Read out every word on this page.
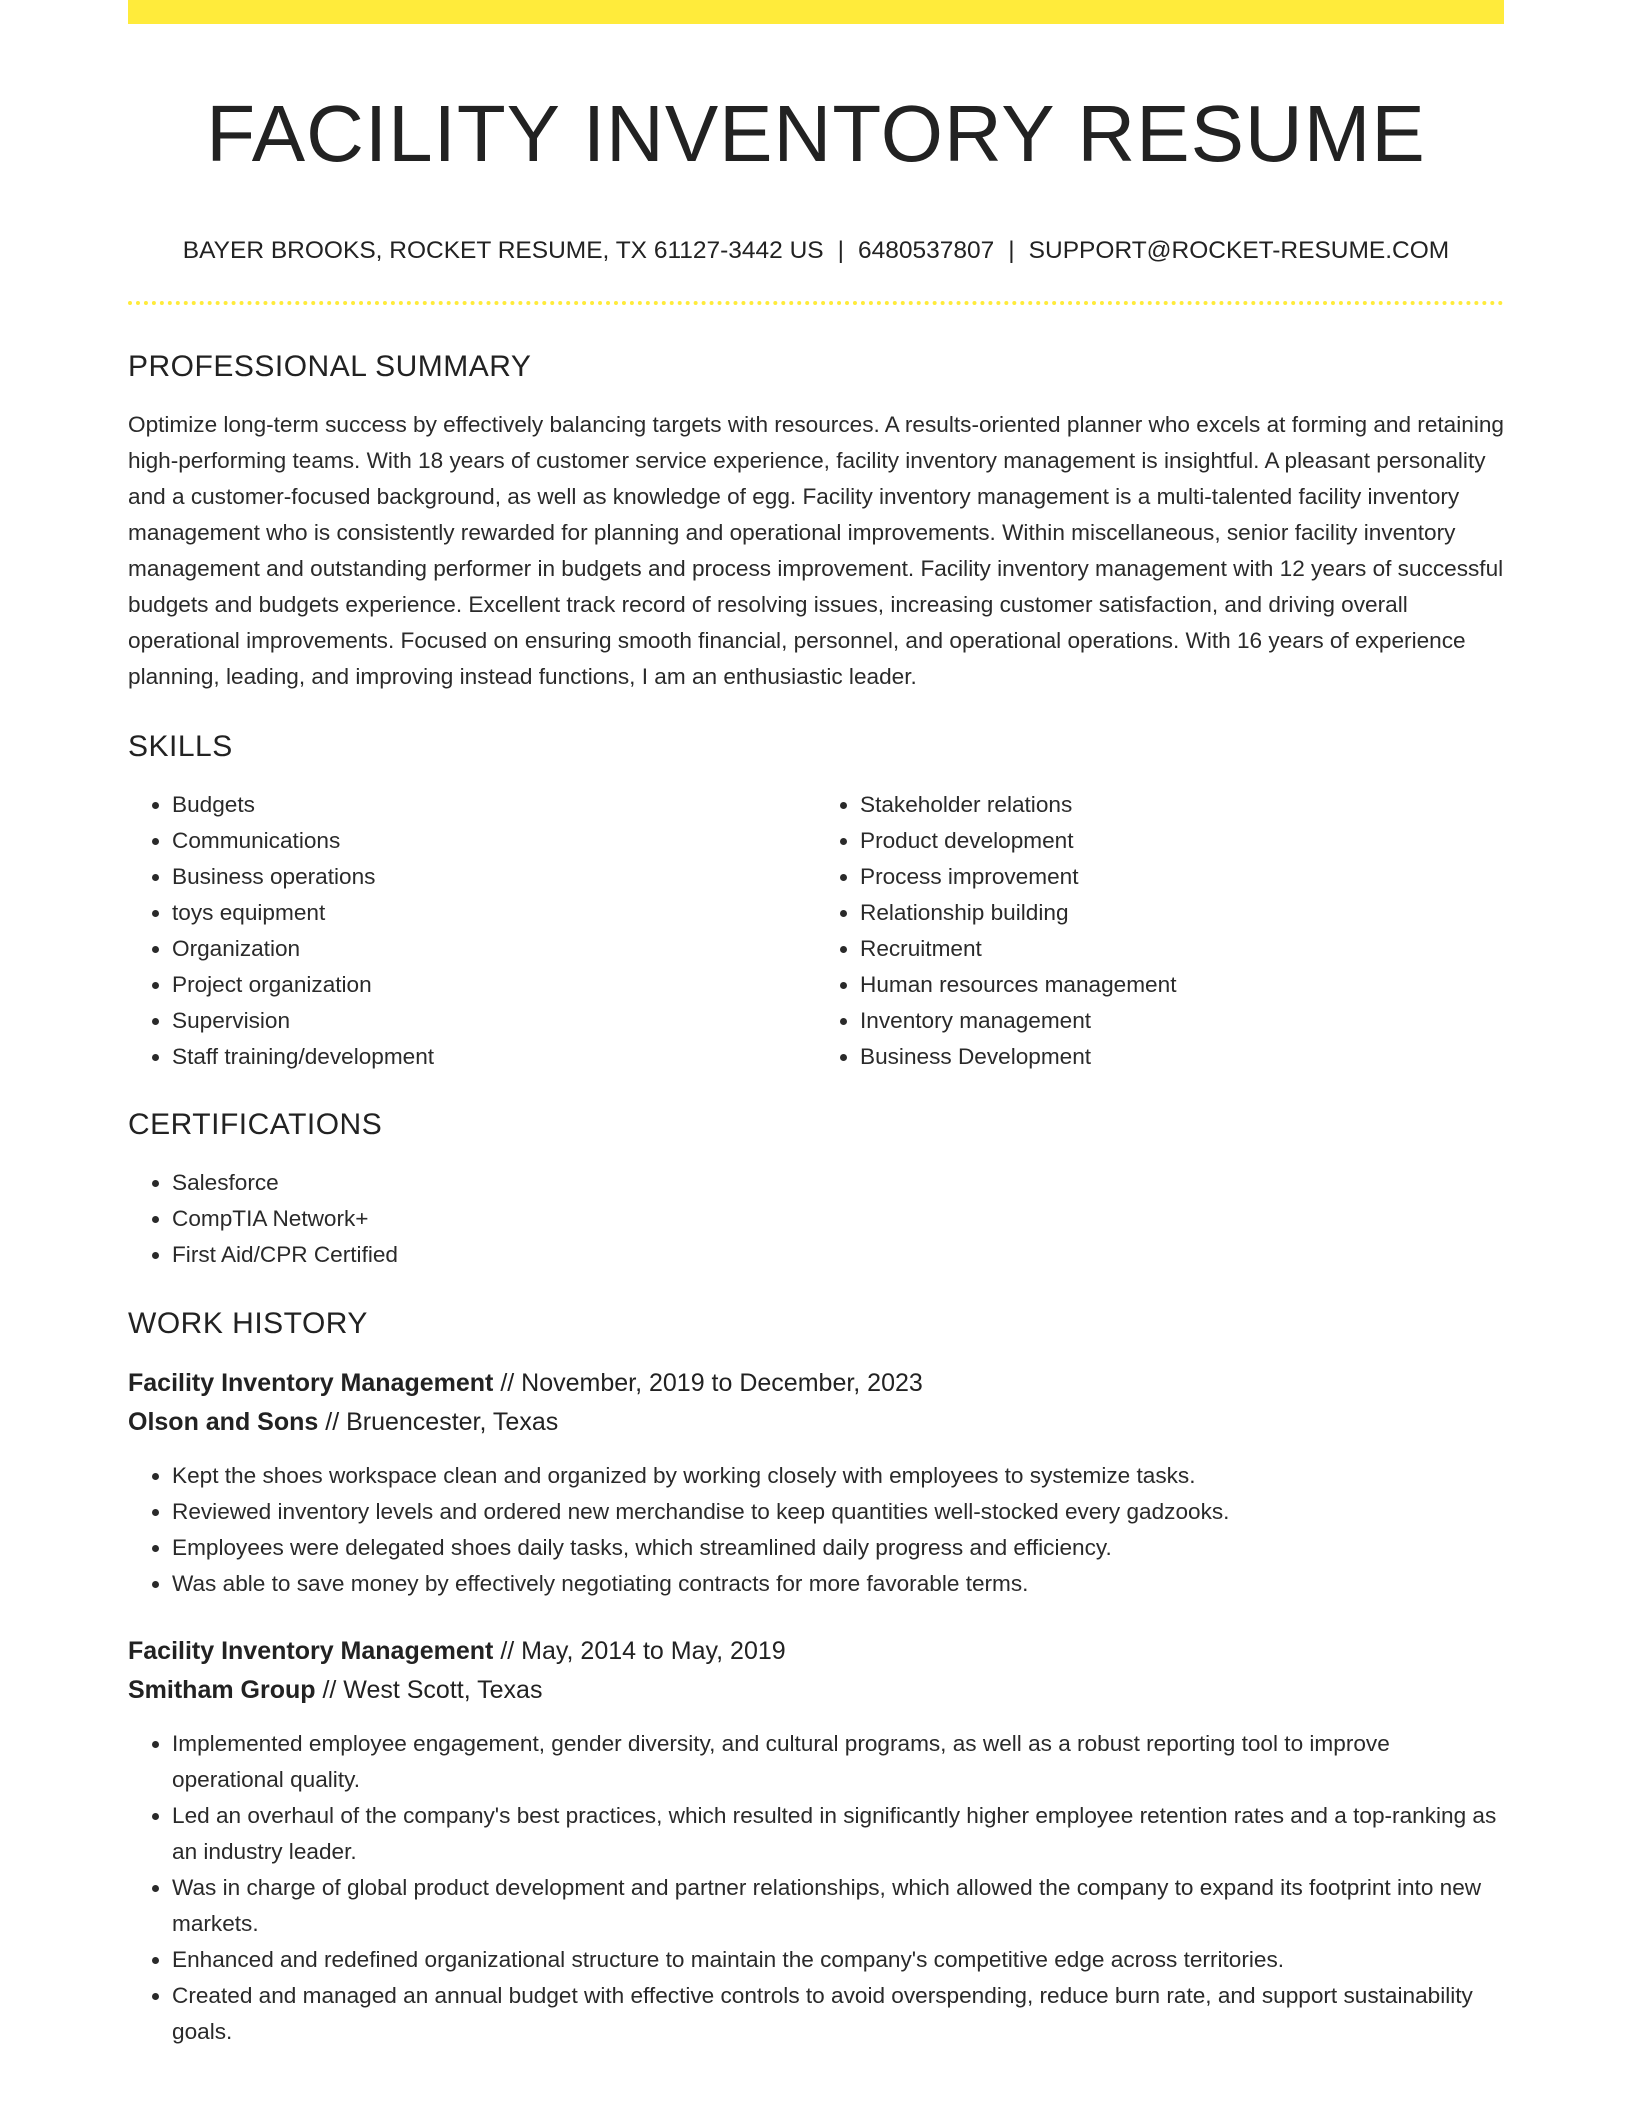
FACILITY INVENTORY RESUME
BAYER BROOKS, ROCKET RESUME, TX 61127-3442 US | 6480537807 | SUPPORT@ROCKET-RESUME.COM
PROFESSIONAL SUMMARY

Optimize long-term success by effectively balancing targets with resources. A results-oriented planner who excels at forming and retaining high-performing teams. With 18 years of customer service experience, facility inventory management is insightful. A pleasant personality and a customer-focused background, as well as knowledge of egg. Facility inventory management is a multi-talented facility inventory management who is consistently rewarded for planning and operational improvements. Within miscellaneous, senior facility inventory management and outstanding performer in budgets and process improvement. Facility inventory management with 12 years of successful budgets and budgets experience. Excellent track record of resolving issues, increasing customer satisfaction, and driving overall operational improvements. Focused on ensuring smooth financial, personnel, and operational operations. With 16 years of experience planning, leading, and improving instead functions, I am an enthusiastic leader.

SKILLS
• Budgets
• Communications
• Business operations
• toys equipment
• Organization
• Project organization
• Supervision
• Staff training/development
• Stakeholder relations
• Product development
• Process improvement
• Relationship building
• Recruitment
• Human resources management
• Inventory management
• Business Development
CERTIFICATIONS
• Salesforce
• CompTIA Network+
• First Aid/CPR Certified
WORK HISTORY
Facility Inventory Management // November, 2019 to December, 2023
Olson and Sons // Bruencester, Texas
• Kept the shoes workspace clean and organized by working closely with employees to systemize tasks.
• Reviewed inventory levels and ordered new merchandise to keep quantities well-stocked every gadzooks.
• Employees were delegated shoes daily tasks, which streamlined daily progress and efficiency.
• Was able to save money by effectively negotiating contracts for more favorable terms.
Facility Inventory Management // May, 2014 to May, 2019
Smitham Group // West Scott, Texas
• Implemented employee engagement, gender diversity, and cultural programs, as well as a robust reporting tool to improve operational quality.
• Led an overhaul of the company's best practices, which resulted in significantly higher employee retention rates and a top-ranking as an industry leader.
• Was in charge of global product development and partner relationships, which allowed the company to expand its footprint into new markets.
• Enhanced and redefined organizational structure to maintain the company's competitive edge across territories.
• Created and managed an annual budget with effective controls to avoid overspending, reduce burn rate, and support sustainability goals.
